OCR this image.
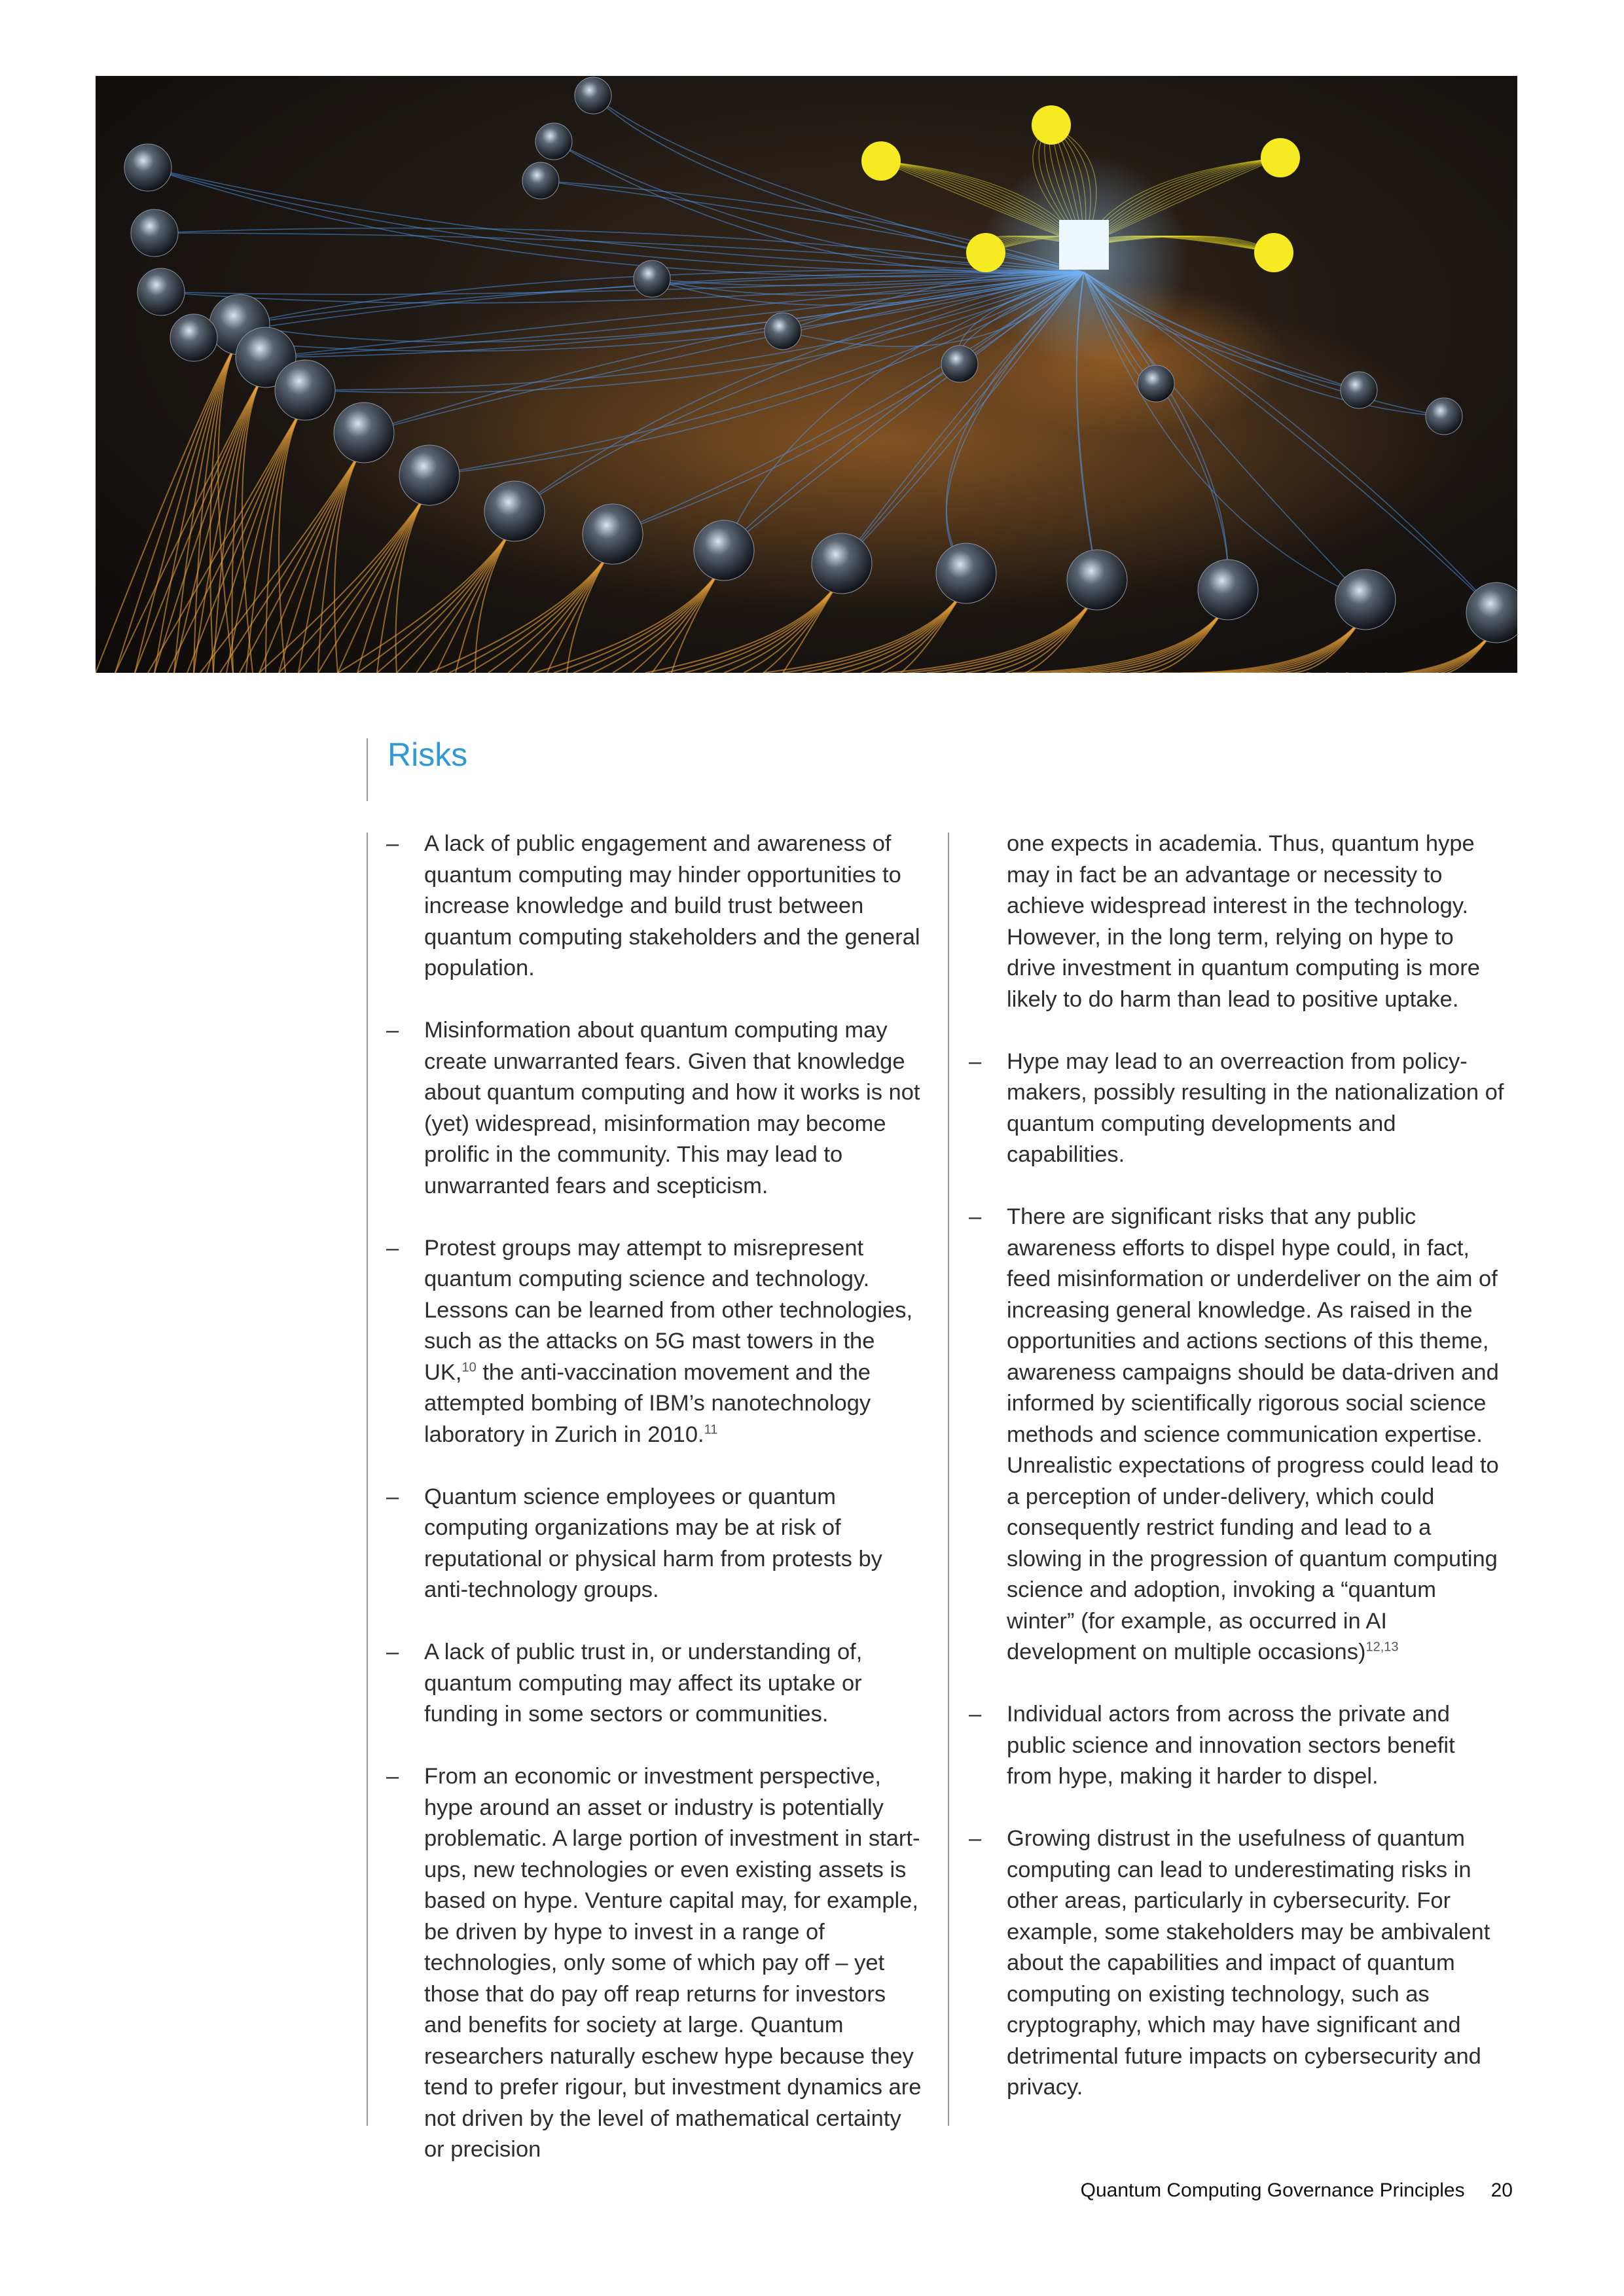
Risks
–	A lack of public engagement and awareness of quantum computing may hinder opportunities to increase knowledge and build trust between quantum computing stakeholders and the general population.
–	Misinformation about quantum computing may create unwarranted fears. Given that knowledge about quantum computing and how it works is not (yet) widespread, misinformation may become prolific in the community. This may lead to unwarranted fears and scepticism.
–	Protest groups may attempt to misrepresent quantum computing science and technology. Lessons can be learned from other technologies, such as the attacks on 5G mast towers in the UK,$^{10}$ the anti-vaccination movement and the attempted bombing of IBM’s nanotechnology laboratory in Zurich in 2010.11
–	Quantum science employees or quantum computing organizations may be at risk of reputational or physical harm from protests by anti-technology groups.
–	A lack of public trust in, or understanding of, quantum computing may affect its uptake or funding in some sectors or communities.
–	From an economic or investment perspective, hype around an asset or industry is potentially problematic. A large portion of investment in start-ups, new technologies or even existing assets is based on hype. Venture capital may, for example, be driven by hype to invest in a range of technologies, only some of which pay off – yet those that do pay off reap returns for investors and benefits for society at large. Quantum researchers naturally eschew hype because they tend to prefer rigour, but investment dynamics are not driven by the level of mathematical certainty or precision

one expects in academia. Thus, quantum hype may in fact be an advantage or necessity to achieve widespread interest in the technology. However, in the long term, relying on hype to drive investment in quantum computing is more likely to do harm than lead to positive uptake.

–	Hype may lead to an overreaction from policy-makers, possibly resulting in the nationalization of quantum computing developments and capabilities.
–	There are significant risks that any public awareness efforts to dispel hype could, in fact, feed misinformation or underdeliver on the aim of increasing general knowledge. As raised in the opportunities and actions sections of this theme, awareness campaigns should be data-driven and informed by scientifically rigorous social science methods and science communication expertise. Unrealistic expectations of progress could lead to a perception of under-delivery, which could consequently restrict funding and lead to a slowing in the progression of quantum computing science and adoption, invoking a “quantum winter” (for example, as occurred in AI development on multiple occasions)$^{12,13}$
–	Individual actors from across the private and public science and innovation sectors benefit from hype, making it harder to dispel.
–	Growing distrust in the usefulness of quantum computing can lead to underestimating risks in other areas, particularly in cybersecurity. For example, some stakeholders may be ambivalent about the capabilities and impact of quantum computing on existing technology, such as cryptography, which may have significant and detrimental future impacts on cybersecurity and privacy.
Quantum Computing Governance Principles 20
